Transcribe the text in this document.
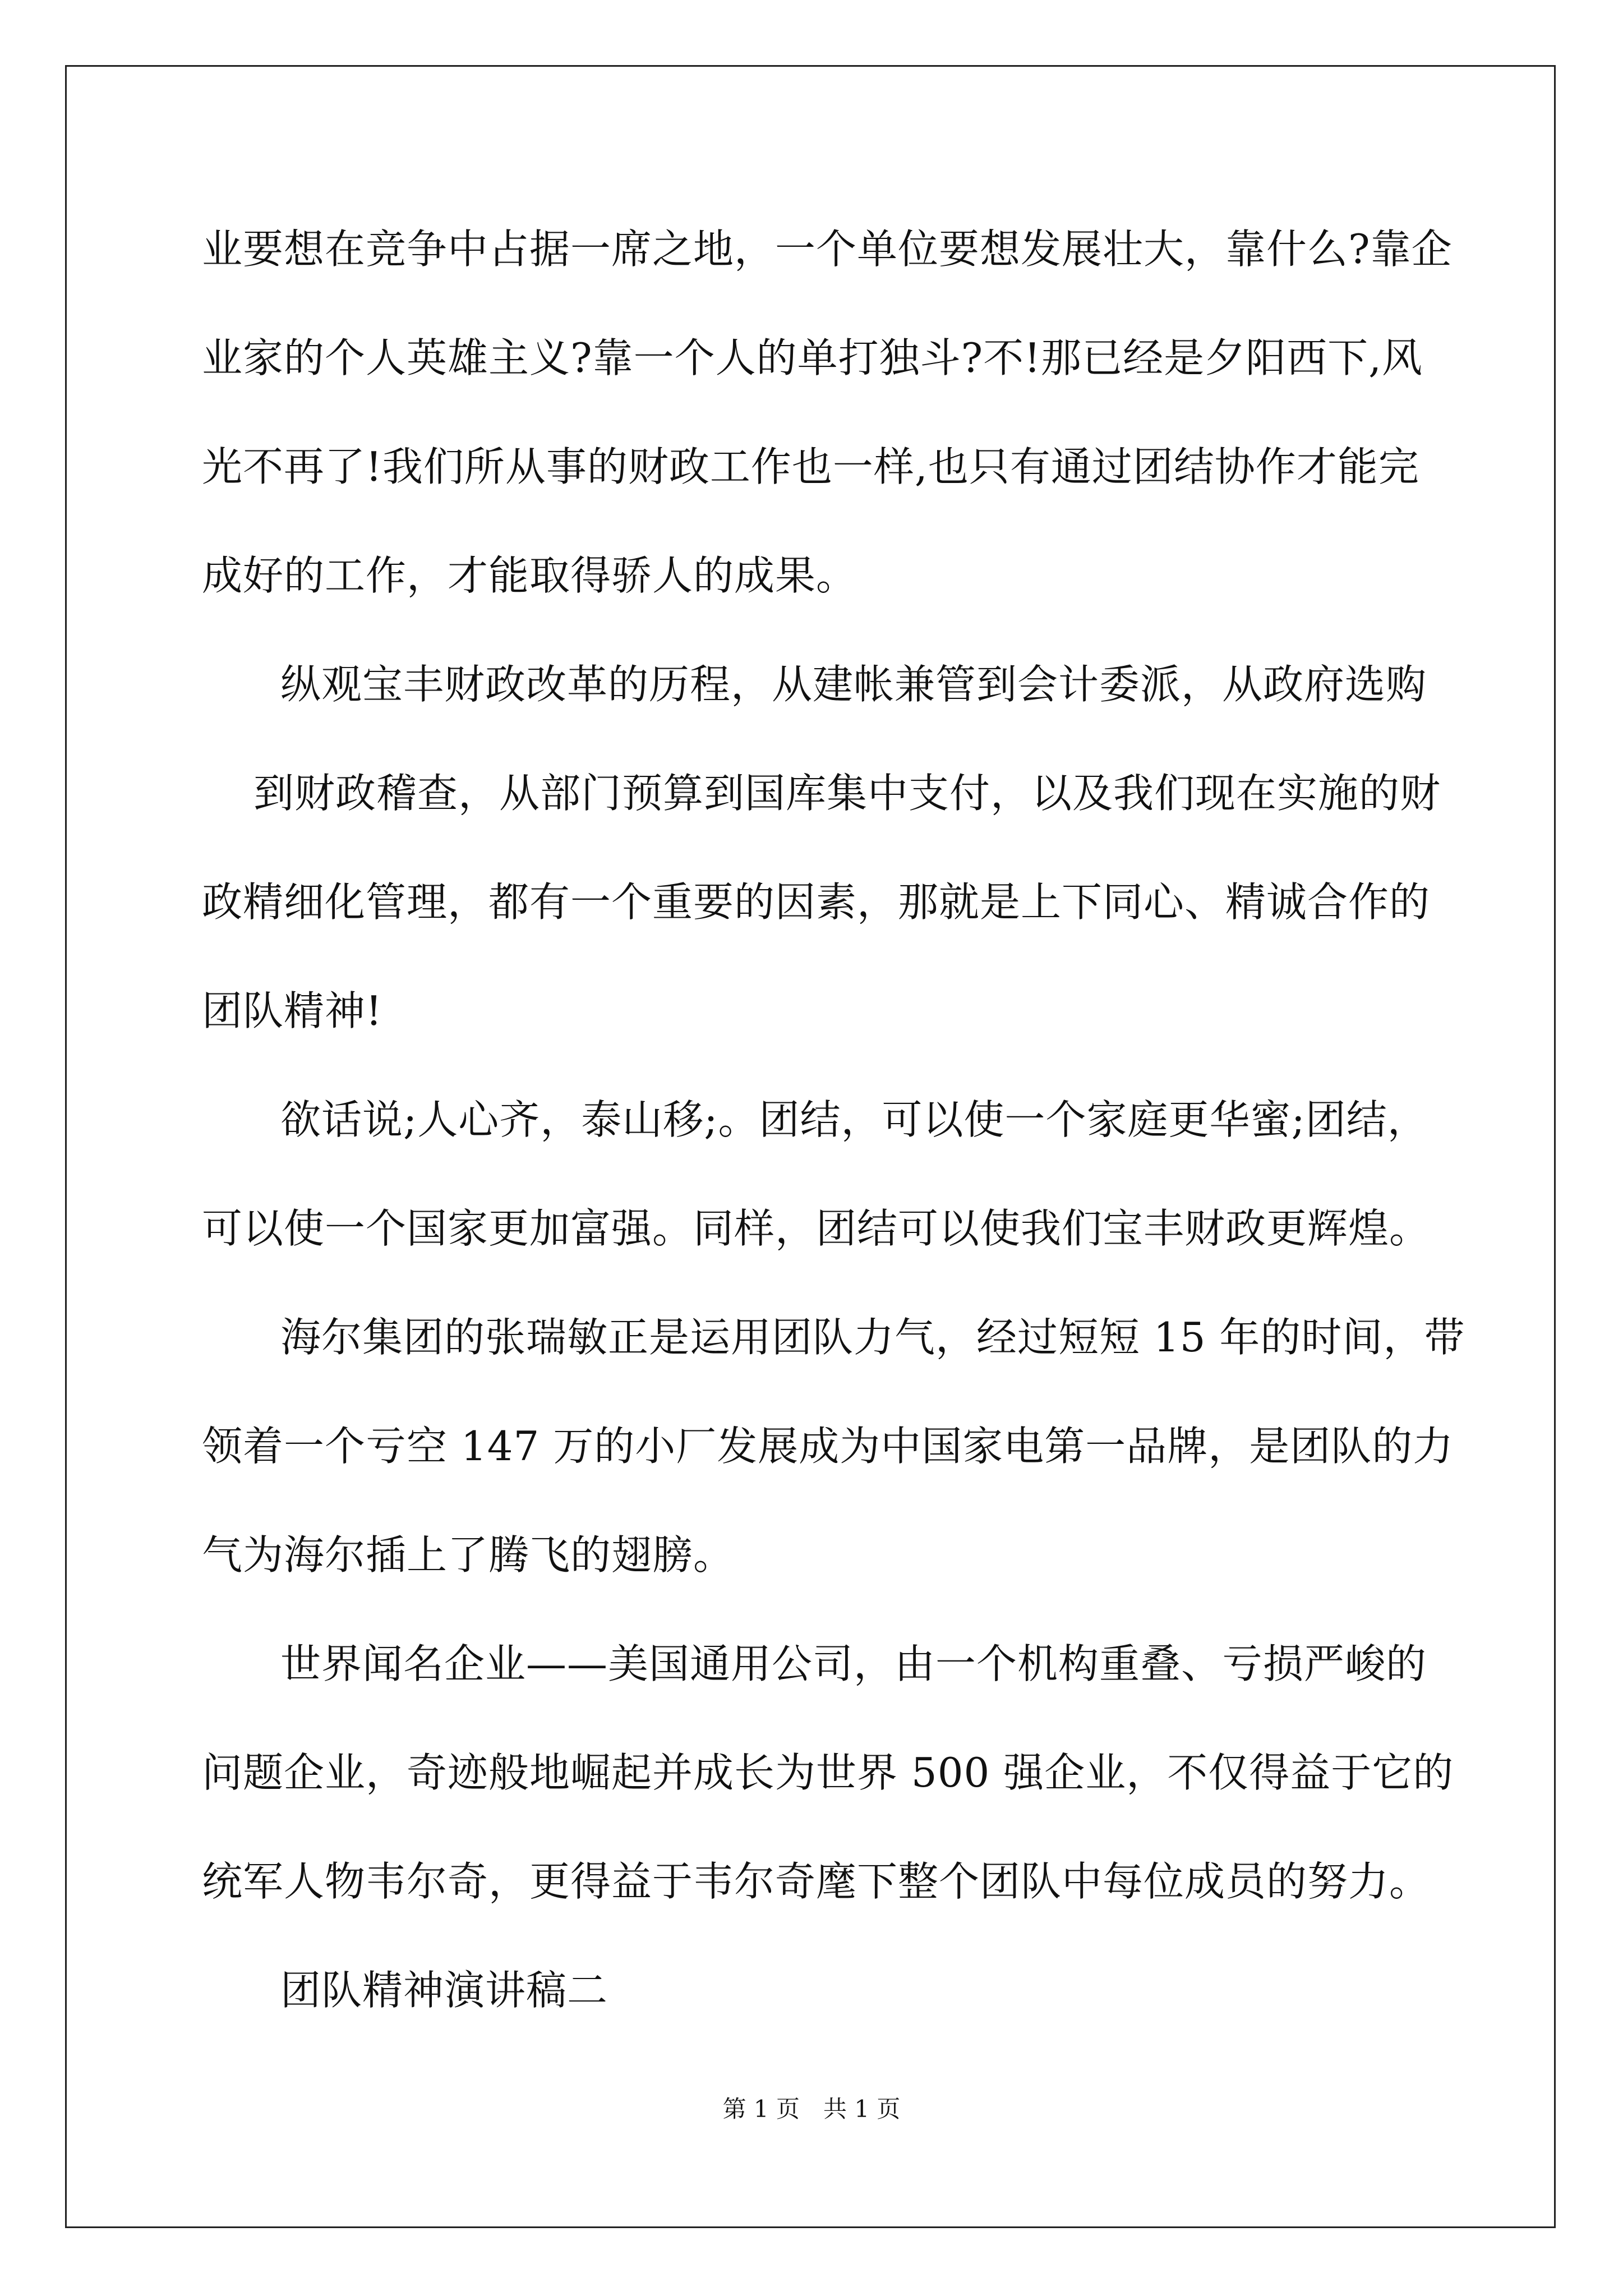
业要想在竞争中占据一席之地，一个单位要想发展壮大，靠什么?靠企
业家的个人英雄主义?靠一个人的单打独斗?不!那已经是夕阳西下,风
光不再了!我们所从事的财政工作也一样,也只有通过团结协作才能完
成好的工作，才能取得骄人的成果。
纵观宝丰财政改革的历程，从建帐兼管到会计委派，从政府选购
到财政稽查，从部门预算到国库集中支付，以及我们现在实施的财
政精细化管理，都有一个重要的因素，那就是上下同心、精诚合作的
团队精神!
欲话说;人心齐，泰山移;。团结，可以使一个家庭更华蜜;团结，
可以使一个国家更加富强。同样，团结可以使我们宝丰财政更辉煌。
海尔集团的张瑞敏正是运用团队力气，经过短短 15 年的时间，带
领着一个亏空 147 万的小厂发展成为中国家电第一品牌，是团队的力
气为海尔插上了腾飞的翅膀。
世界闻名企业——美国通用公司，由一个机构重叠、亏损严峻的
问题企业，奇迹般地崛起并成长为世界 500 强企业，不仅得益于它的
统军人物韦尔奇，更得益于韦尔奇麾下整个团队中每位成员的努力。
团队精神演讲稿二
第 1 页　共 1 页
